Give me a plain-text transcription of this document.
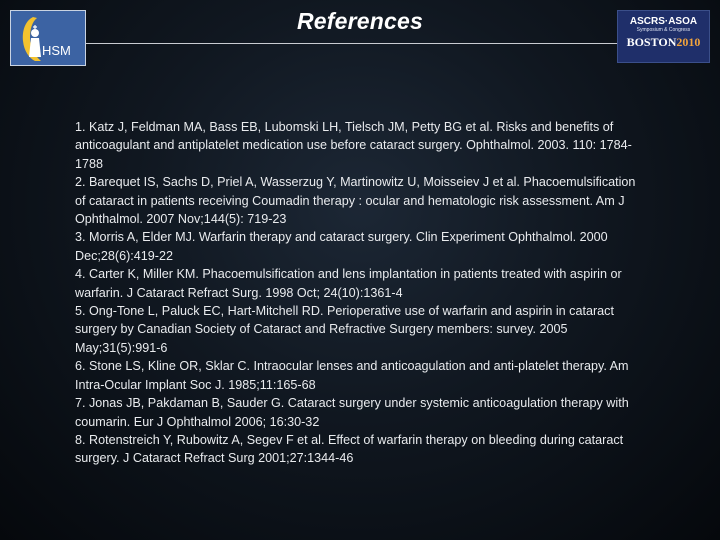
HSM
References	ASCRS·ASOA
Symposium & Congress
BOSTON2010

1. Katz J, Feldman MA, Bass EB, Lubomski LH, Tielsch JM, Petty BG et al. Risks and benefits of anticoagulant and antiplatelet medication use before cataract surgery. Ophthalmol. 2003. 110: 1784-1788

2. Barequet IS, Sachs D, Priel A, Wasserzug Y, Martinowitz U, Moisseiev J et al. Phacoemulsification of cataract in patients receiving Coumadin therapy : ocular and hematologic risk assessment. Am J Ophthalmol. 2007 Nov;144(5): 719-23

3. Morris A, Elder MJ. Warfarin therapy and cataract surgery. Clin Experiment Ophthalmol. 2000 Dec;28(6):419-22

4. Carter K, Miller KM. Phacoemulsification and lens implantation in patients treated with aspirin or warfarin. J Cataract Refract Surg. 1998 Oct; 24(10):1361-4

5. Ong-Tone L, Paluck EC, Hart-Mitchell RD. Perioperative use of warfarin and aspirin in cataract surgery by Canadian Society of Cataract and Refractive Surgery members: survey. 2005 May;31(5):991-6

6. Stone LS, Kline OR, Sklar C. Intraocular lenses and anticoagulation and anti-platelet therapy. Am Intra-Ocular Implant Soc J. 1985;11:165-68

7. Jonas JB, Pakdaman B, Sauder G. Cataract surgery under systemic anticoagulation therapy with coumarin. Eur J Ophthalmol 2006; 16:30-32

8. Rotenstreich Y, Rubowitz A, Segev F et al. Effect of warfarin therapy on bleeding during cataract surgery. J Cataract Refract Surg 2001;27:1344-46
